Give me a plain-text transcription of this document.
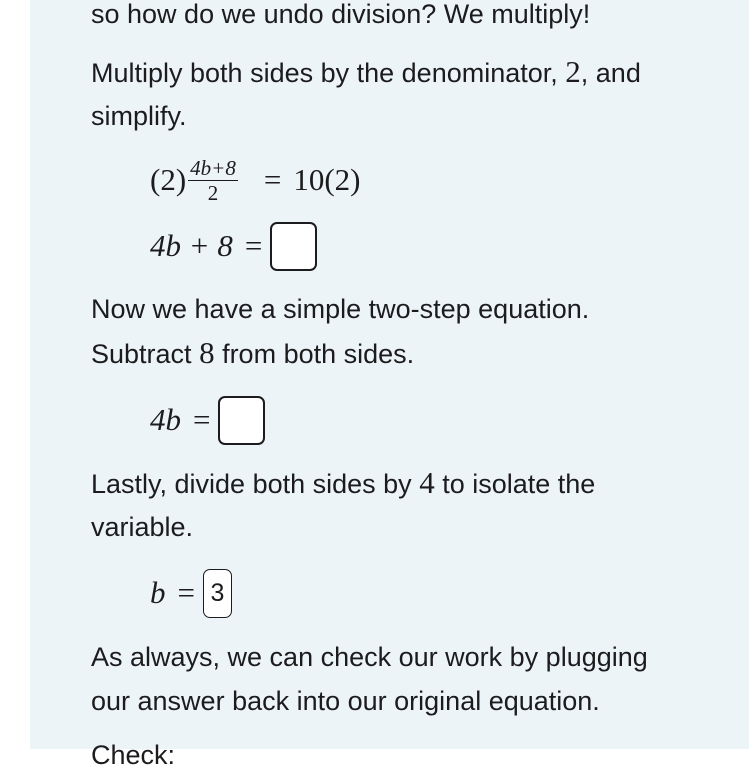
so how do we undo division? We multiply!
Multiply both sides by the denominator, 2, and
simplify.
$(2) \frac{4b+8}{2} = 10(2)$
4b + 8 =
Now we have a simple two-step equation.
Subtract 8 from both sides.
4b =
Lastly, divide both sides by 4 to isolate the
variable.
b = 3
As always, we can check our work by plugging
our answer back into our original equation.
Check:
